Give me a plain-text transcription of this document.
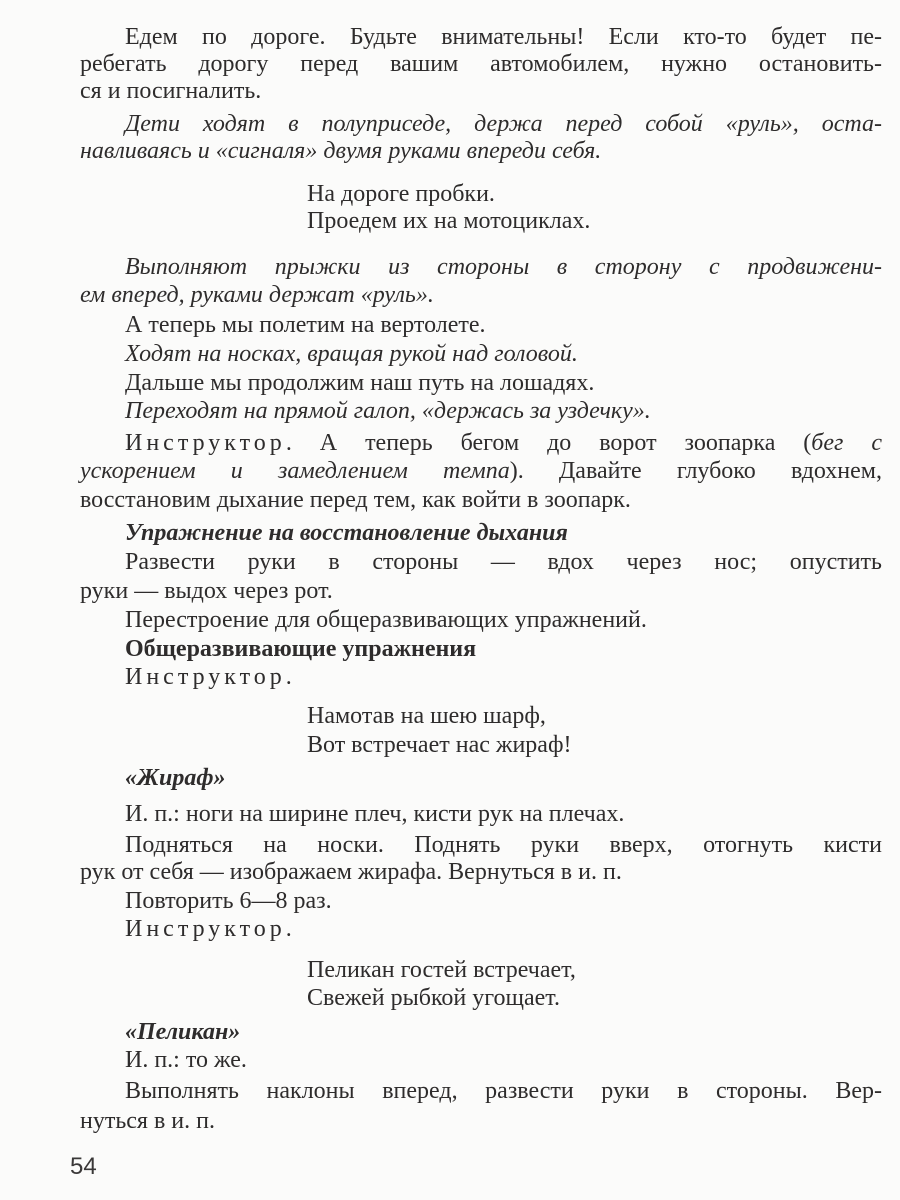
Едем по дороге. Будьте внимательны! Если кто-то будет пе-
ребегать дорогу перед вашим автомобилем, нужно остановить-
ся и посигналить.
Дети ходят в полуприседе, держа перед собой «руль», оста-
навливаясь и «сигналя» двумя руками впереди себя.
На дороге пробки.
Проедем их на мотоциклах.
Выполняют прыжки из стороны в сторону с продвижени-
ем вперед, руками держат «руль».
А теперь мы полетим на вертолете.
Ходят на носках, вращая рукой над головой.
Дальше мы продолжим наш путь на лошадях.
Переходят на прямой галоп, «держась за уздечку».
Инструктор. А теперь бегом до ворот зоопарка (бег с
ускорением и замедлением темпа). Давайте глубоко вдохнем,
восстановим дыхание перед тем, как войти в зоопарк.
Упражнение на восстановление дыхания
Развести руки в стороны — вдох через нос; опустить
руки — выдох через рот.
Перестроение для общеразвивающих упражнений.
Общеразвивающие упражнения
Инструктор.
Намотав на шею шарф,
Вот встречает нас жираф!
«Жираф»
И. п.: ноги на ширине плеч, кисти рук на плечах.
Подняться на носки. Поднять руки вверх, отогнуть кисти
рук от себя — изображаем жирафа. Вернуться в и. п.
Повторить 6—8 раз.
Инструктор.
Пеликан гостей встречает,
Свежей рыбкой угощает.
«Пеликан»
И. п.: то же.
Выполнять наклоны вперед, развести руки в стороны. Вер-
нуться в и. п.
54
